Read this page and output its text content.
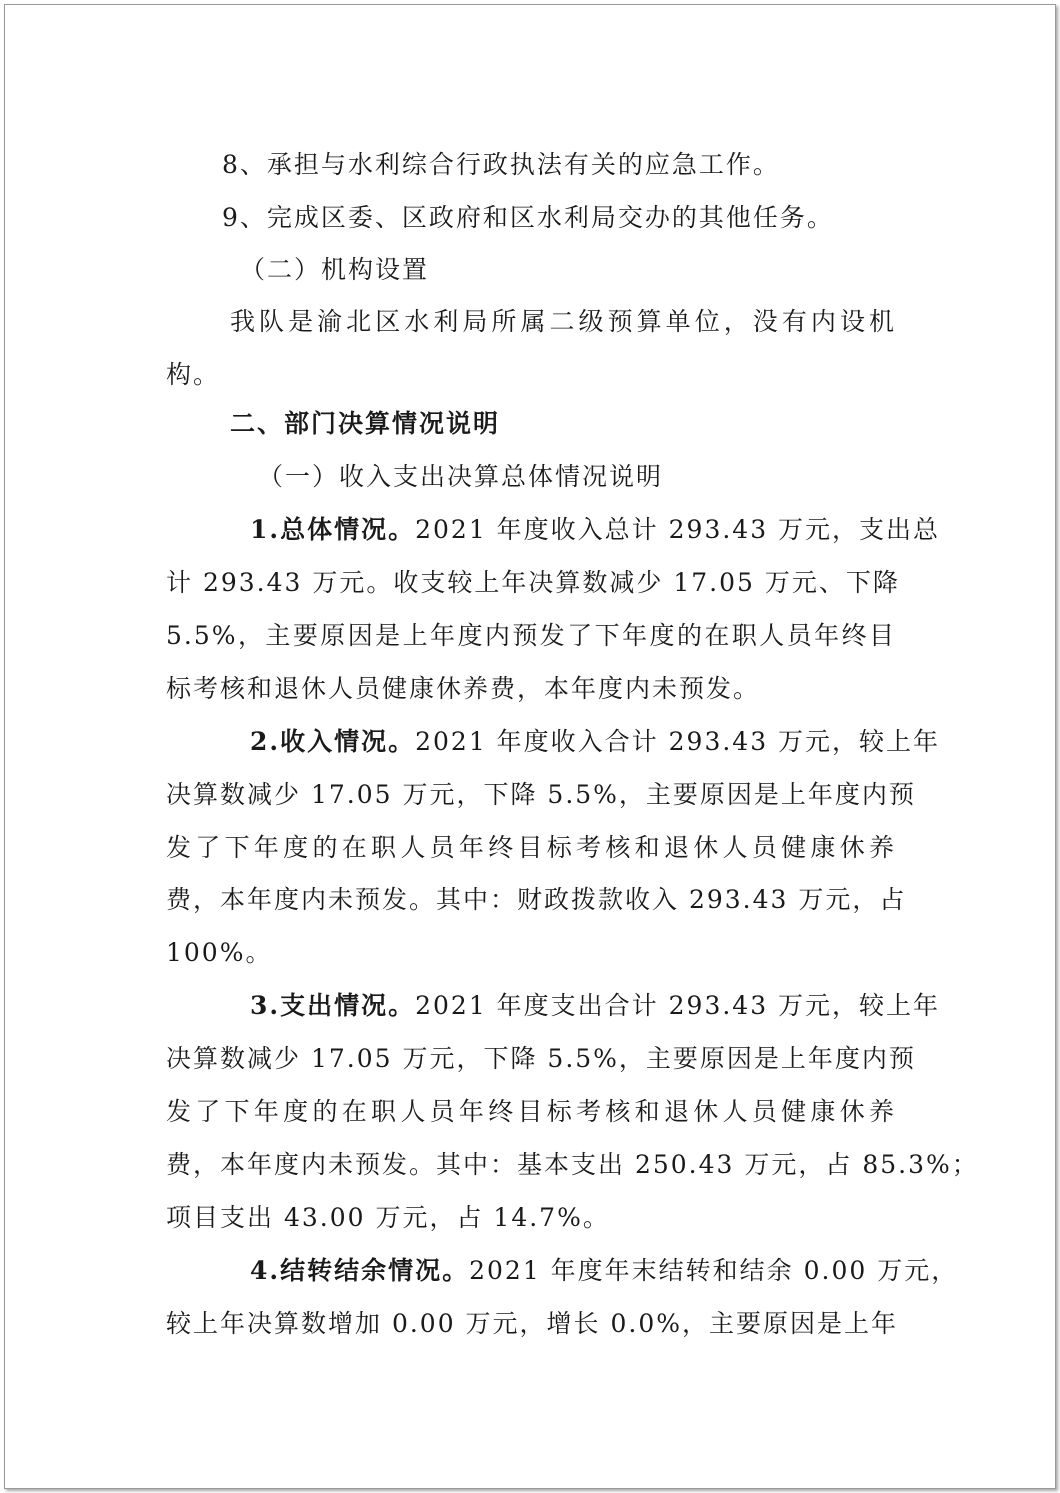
8、承担与水利综合行政执法有关的应急工作。
9、完成区委、区政府和区水利局交办的其他任务。
（二）机构设置
我队是渝北区水利局所属二级预算单位，没有内设机
构。
二、部门决算情况说明
（一）收入支出决算总体情况说明
1.总体情况。2021 年度收入总计 293.43 万元，支出总
计 293.43 万元。收支较上年决算数减少 17.05 万元、下降
5.5%，主要原因是上年度内预发了下年度的在职人员年终目
标考核和退休人员健康休养费，本年度内未预发。
2.收入情况。2021 年度收入合计 293.43 万元，较上年
决算数减少 17.05 万元，下降 5.5%，主要原因是上年度内预
发了下年度的在职人员年终目标考核和退休人员健康休养
费，本年度内未预发。其中：财政拨款收入 293.43 万元，占
100%。
3.支出情况。2021 年度支出合计 293.43 万元，较上年
决算数减少 17.05 万元，下降 5.5%，主要原因是上年度内预
发了下年度的在职人员年终目标考核和退休人员健康休养
费，本年度内未预发。其中：基本支出 250.43 万元，占 85.3%；
项目支出 43.00 万元，占 14.7%。
4.结转结余情况。2021 年度年末结转和结余 0.00 万元，
较上年决算数增加 0.00 万元，增长 0.0%，主要原因是上年
